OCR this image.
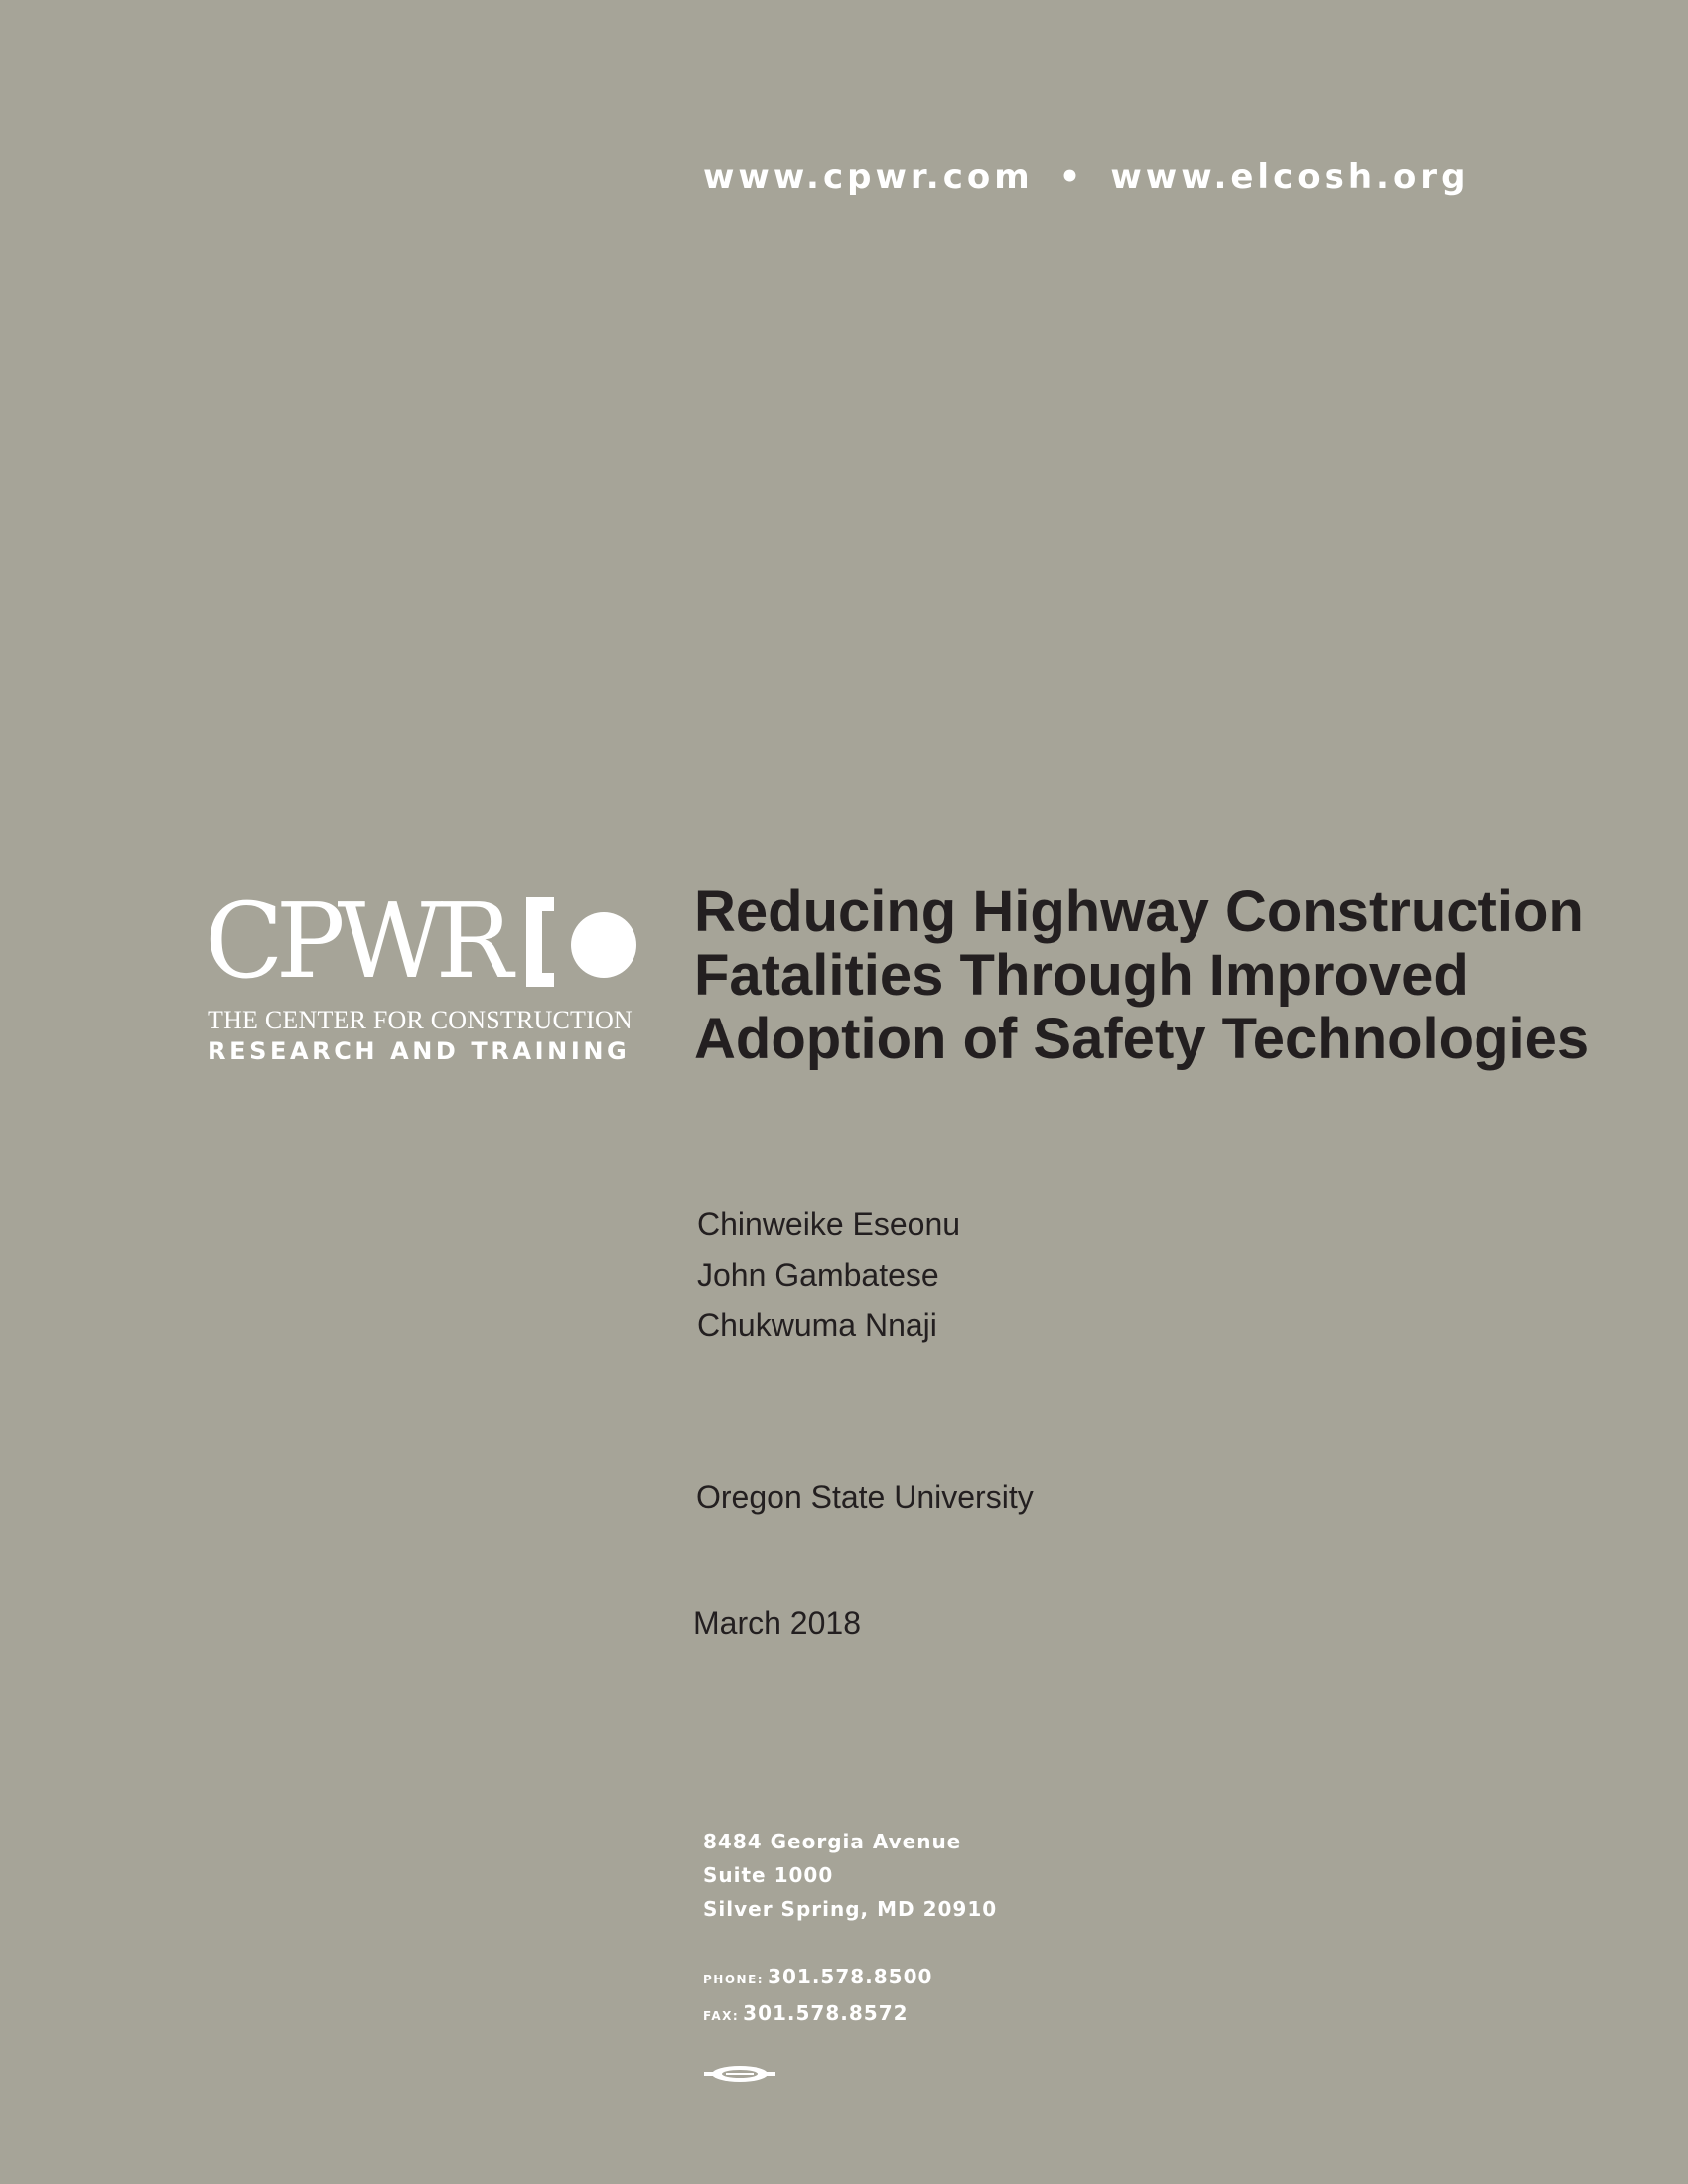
www.cpwr.com • www.elcosh.org
CPWR
THE CENTER FOR CONSTRUCTION
RESEARCH AND TRAINING
Reducing Highway Construction
Fatalities Through Improved
Adoption of Safety Technologies
Chinweike Eseonu
John Gambatese
Chukwuma Nnaji
Oregon State University
March 2018
8484 Georgia Avenue
Suite 1000
Silver Spring, MD 20910
PHONE: 301.578.8500
FAX: 301.578.8572
